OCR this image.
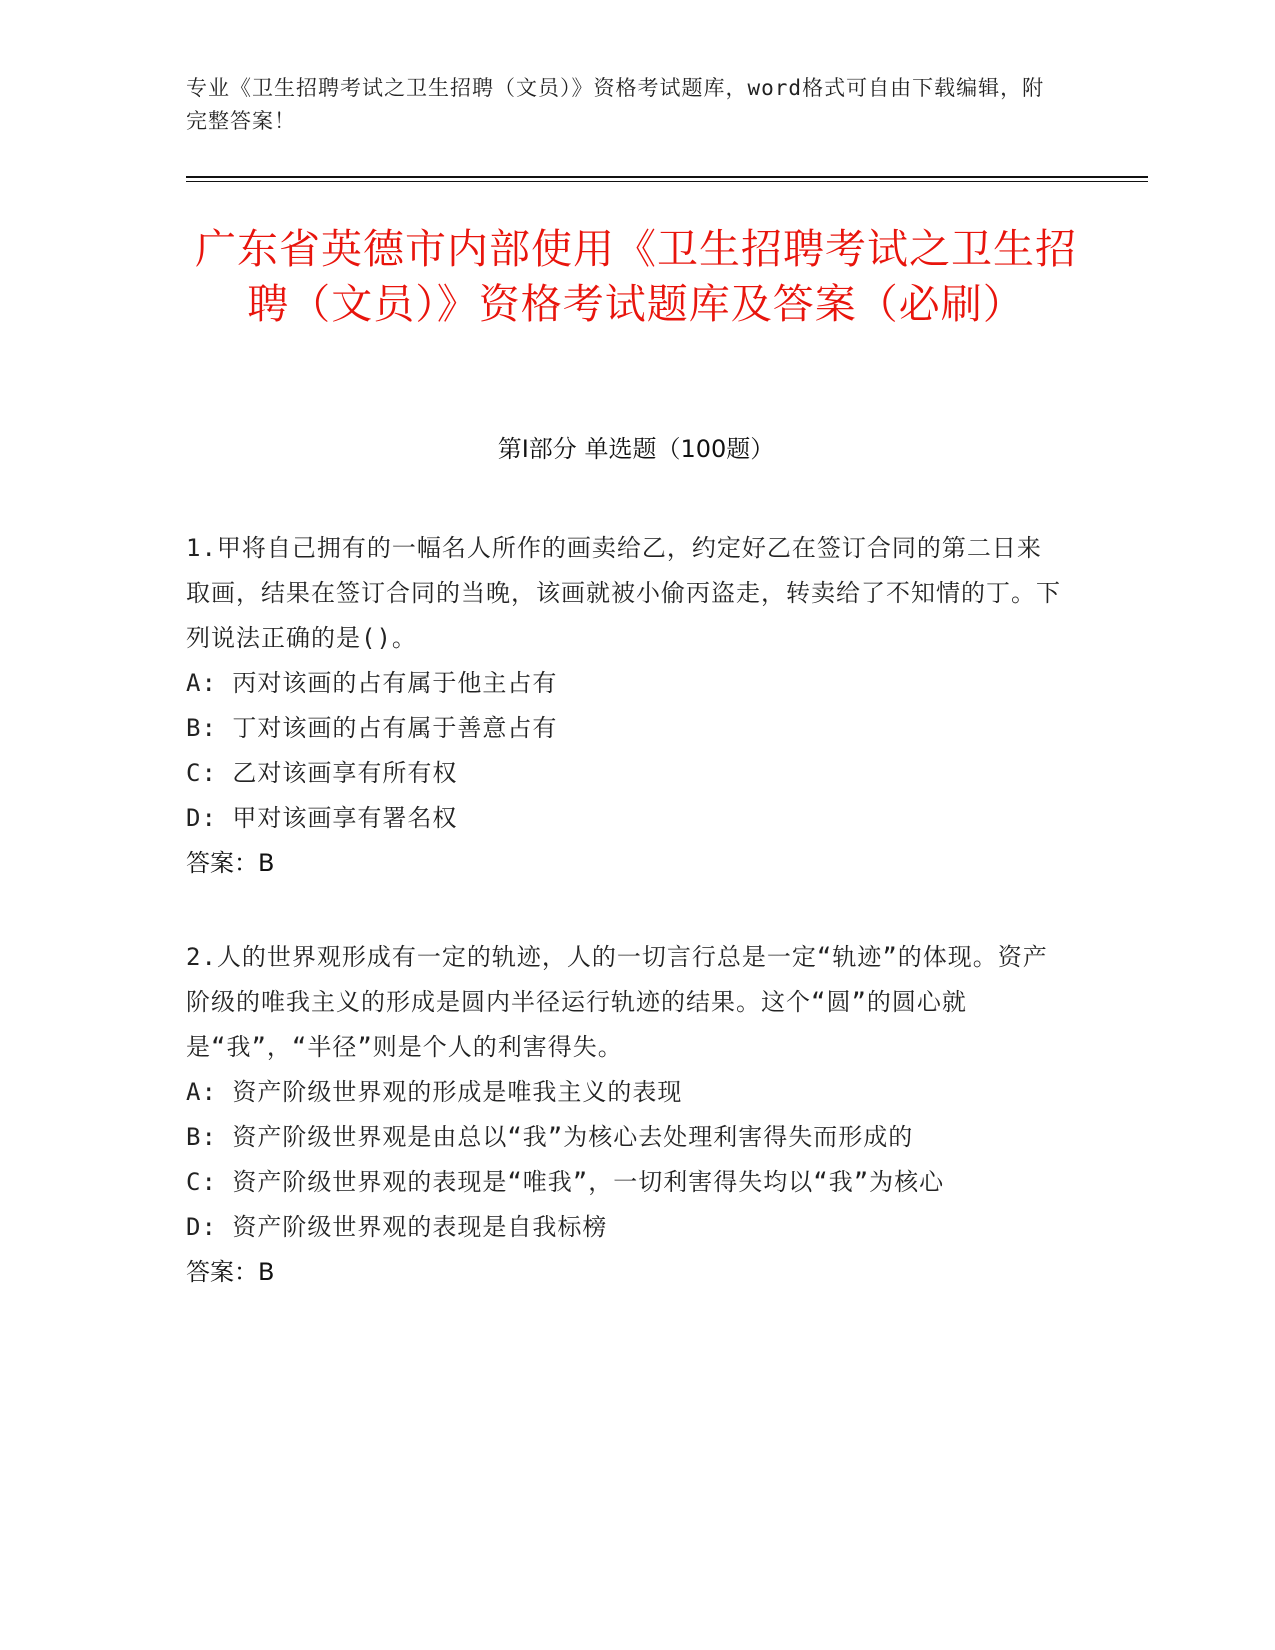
专业《卫生招聘考试之卫生招聘（文员）》资格考试题库，word格式可自由下载编辑，附完整答案！
广东省英德市内部使用《卫生招聘考试之卫生招聘（文员）》资格考试题库及答案（必刷）
第Ⅰ部分 单选题（100题）

1.甲将自己拥有的一幅名人所作的画卖给乙，约定好乙在签订合同的第二日来取画，结果在签订合同的当晚，该画就被小偷丙盗走，转卖给了不知情的丁。下列说法正确的是()。

A: 丙对该画的占有属于他主占有

B: 丁对该画的占有属于善意占有

C: 乙对该画享有所有权

D: 甲对该画享有署名权

答案：B

2.人的世界观形成有一定的轨迹，人的一切言行总是一定“轨迹”的体现。资产阶级的唯我主义的形成是圆内半径运行轨迹的结果。这个“圆”的圆心就是“我”，“半径”则是个人的利害得失。

A: 资产阶级世界观的形成是唯我主义的表现

B: 资产阶级世界观是由总以“我”为核心去处理利害得失而形成的

C: 资产阶级世界观的表现是“唯我”，一切利害得失均以“我”为核心

D: 资产阶级世界观的表现是自我标榜

答案：B
